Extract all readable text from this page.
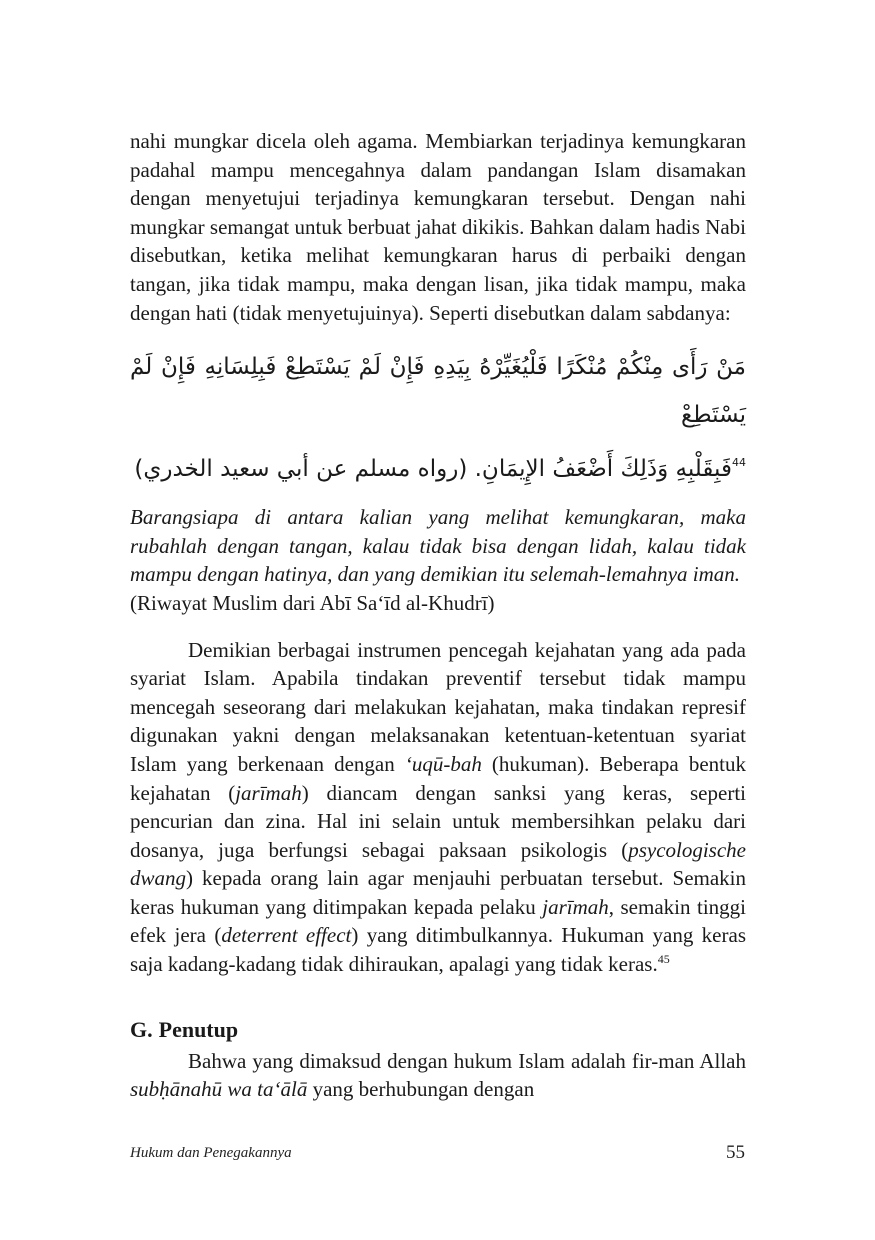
nahi mungkar dicela oleh agama. Membiarkan terjadinya kemungkaran padahal mampu mencegahnya dalam pandangan Islam disamakan dengan menyetujui terjadinya kemungkaran tersebut. Dengan nahi mungkar semangat untuk berbuat jahat dikikis. Bahkan dalam hadis Nabi disebutkan, ketika melihat kemungkaran harus di perbaiki dengan tangan, jika tidak mampu, maka dengan lisan, jika tidak mampu, maka dengan hati (tidak menyetujuinya). Seperti disebutkan dalam sabdanya:

مَنْ رَأَى مِنْكُمْ مُنْكَرًا فَلْيُغَيِّرْهُ بِيَدِهِ فَإِنْ لَمْ يَسْتَطِعْ فَبِلِسَانِهِ فَإِنْ لَمْ يَسْتَطِعْ
$^{44}$فَبِقَلْبِهِ وَذَلِكَ أَضْعَفُ الإِيمَانِ. (رواه مسلم عن أبي سعيد الخدري)

Barangsiapa di antara kalian yang melihat kemungkaran, maka rubahlah dengan tangan, kalau tidak bisa dengan lidah, kalau tidak mampu dengan hatinya, dan yang demikian itu selemah-lemahnya iman.
(Riwayat Muslim dari Abī Sa‘īd al-Khudrī)

Demikian berbagai instrumen pencegah kejahatan yang ada pada syariat Islam. Apabila tindakan preventif tersebut tidak mampu mencegah seseorang dari melakukan kejahatan, maka tindakan represif digunakan yakni dengan melaksanakan ketentuan-ketentuan syariat Islam yang berkenaan dengan ‘uqū-bah (hukuman). Beberapa bentuk kejahatan (jarīmah) diancam dengan sanksi yang keras, seperti pencurian dan zina. Hal ini selain untuk membersihkan pelaku dari dosanya, juga berfungsi sebagai paksaan psikologis (psycologische dwang) kepada orang lain agar menjauhi perbuatan tersebut. Semakin keras hukuman yang ditimpakan kepada pelaku jarīmah, semakin tinggi efek jera (deterrent effect) yang ditimbulkannya. Hukuman yang keras saja kadang-kadang tidak dihiraukan, apalagi yang tidak keras.$^{45}$

G. Penutup

Bahwa yang dimaksud dengan hukum Islam adalah fir-man Allah subḥānahū wa ta‘ālā yang berhubungan dengan

Hukum dan Penegakannya	55
